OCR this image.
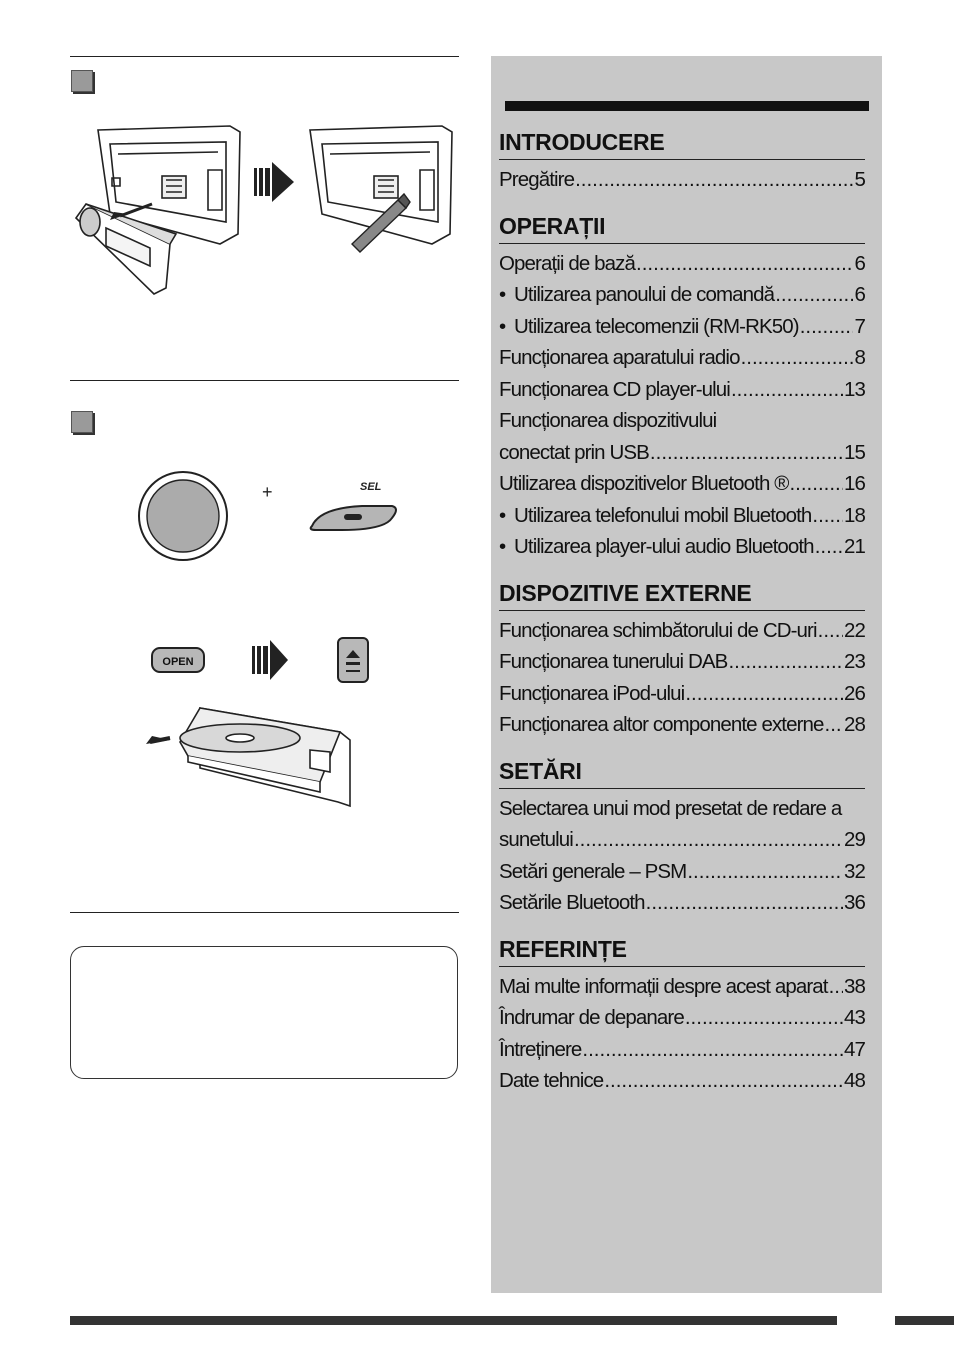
+	SEL
OPEN
INTRODUCERE
Pregătire .....	5
OPERAȚII
Operații de bază .....	6
• Utilizarea panoului de comandă .....	6
• Utilizarea telecomenzii (RM-RK50) .....	7
Funcționarea aparatului radio .....	8
Funcționarea CD player-ului .....	13
Funcționarea dispozitivului
conectat prin USB .....	15
Utilizarea dispozitivelor Bluetooth ® .....	16
• Utilizarea telefonului mobil Bluetooth ..... 18
• Utilizarea player-ului audio Bluetooth ..... 21
DISPOZITIVE EXTERNE
Funcționarea schimbătorului de CD-uri ..... 22
Funcționarea tunerului DAB .....	23
Funcționarea iPod-ului .....	26
Funcționarea altor componente externe ..... 28
SETĂRI
Selectarea unui mod presetat de redare a
sunetului .....	29
Setări generale – PSM .....	32
Setările Bluetooth .....	36
REFERINȚE
Mai multe informații despre acest aparat ..... 38
Îndrumar de depanare .....	43
Întreținere .....	47
Date tehnice .....	48
